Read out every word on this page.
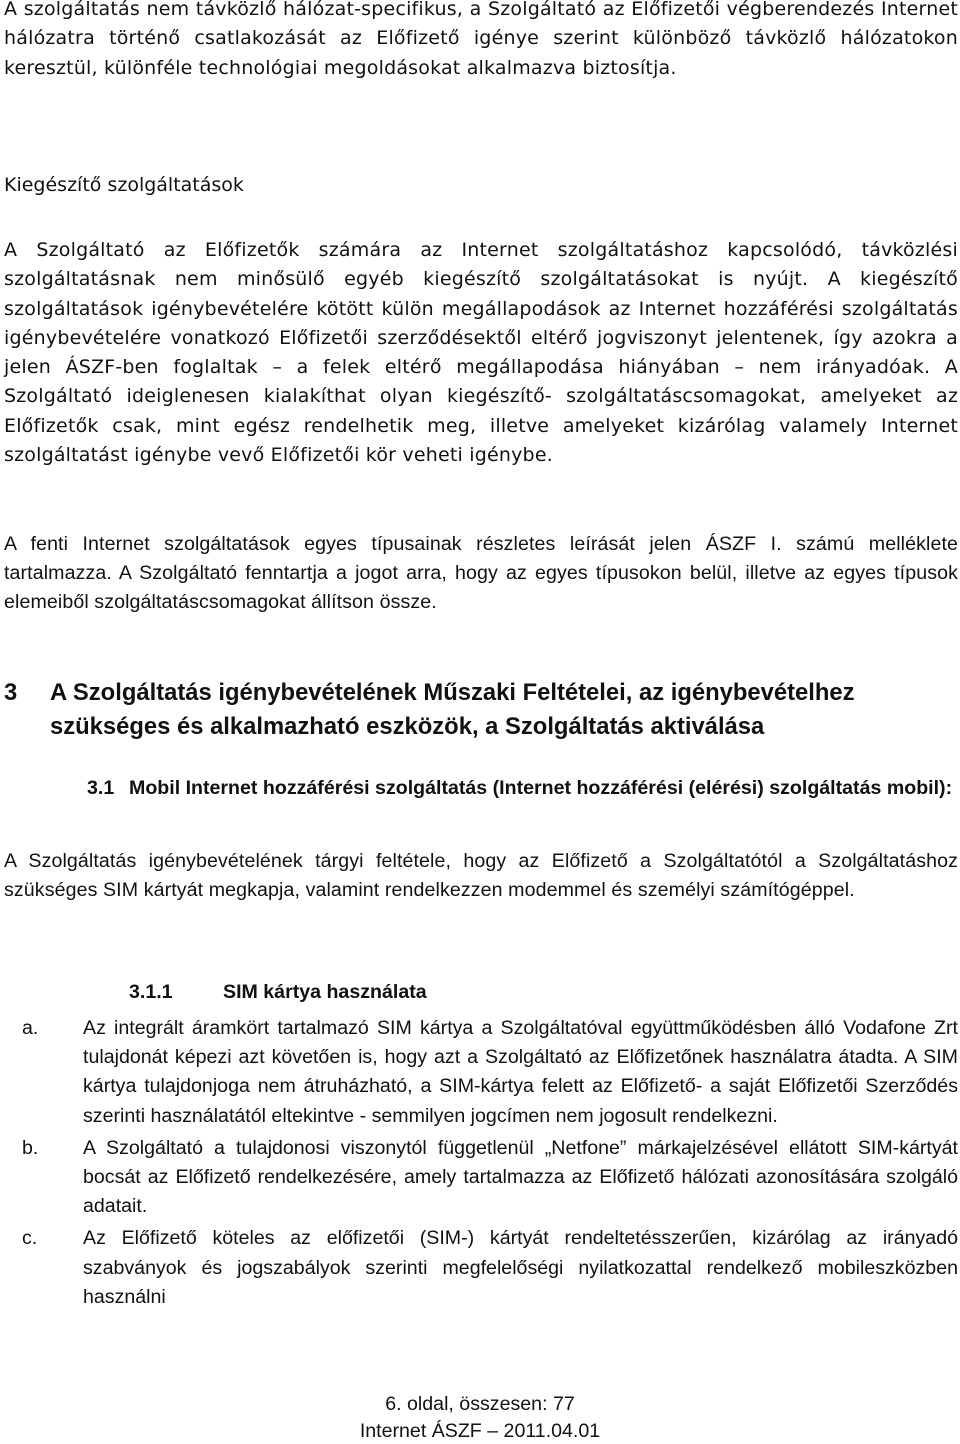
A szolgáltatás nem távközlő hálózat-specifikus, a Szolgáltató az Előfizetői végberendezés Internet hálózatra történő csatlakozását az Előfizető igénye szerint különböző távközlő hálózatokon keresztül, különféle technológiai megoldásokat alkalmazva biztosítja.

Kiegészítő szolgáltatások

A Szolgáltató az Előfizetők számára az Internet szolgáltatáshoz kapcsolódó, távközlési szolgáltatásnak nem minősülő egyéb kiegészítő szolgáltatásokat is nyújt. A kiegészítő szolgáltatások igénybevételére kötött külön megállapodások az Internet hozzáférési szolgáltatás igénybevételére vonatkozó Előfizetői szerződésektől eltérő jogviszonyt jelentenek, így azokra a jelen ÁSZF-ben foglaltak – a felek eltérő megállapodása hiányában – nem irányadóak. A Szolgáltató ideiglenesen kialakíthat olyan kiegészítő- szolgáltatáscsomagokat, amelyeket az Előfizetők csak, mint egész rendelhetik meg, illetve amelyeket kizárólag valamely Internet szolgáltatást igénybe vevő Előfizetői kör veheti igénybe.

A fenti Internet szolgáltatások egyes típusainak részletes leírását jelen ÁSZF I. számú melléklete tartalmazza. A Szolgáltató fenntartja a jogot arra, hogy az egyes típusokon belül, illetve az egyes típusok elemeiből szolgáltatáscsomagokat állítson össze.

3 A Szolgáltatás igénybevételének Műszaki Feltételei, az igénybevételhez szükséges és alkalmazható eszközök, a Szolgáltatás aktiválása
3.1 Mobil Internet hozzáférési szolgáltatás (Internet hozzáférési (elérési) szolgáltatás mobil):

A Szolgáltatás igénybevételének tárgyi feltétele, hogy az Előfizető a Szolgáltatótól a Szolgáltatáshoz szükséges SIM kártyát megkapja, valamint rendelkezzen modemmel és személyi számítógéppel.

3.1.1	SIM kártya használata
a. Az integrált áramkört tartalmazó SIM kártya a Szolgáltatóval együttműködésben álló Vodafone Zrt tulajdonát képezi azt követően is, hogy azt a Szolgáltató az Előfizetőnek használatra átadta. A SIM kártya tulajdonjoga nem átruházható, a SIM-kártya felett az Előfizető- a saját Előfizetői Szerződés szerinti használatától eltekintve - semmilyen jogcímen nem jogosult rendelkezni.
b. A Szolgáltató a tulajdonosi viszonytól függetlenül „Netfone” márkajelzésével ellátott SIM-kártyát bocsát az Előfizető rendelkezésére, amely tartalmazza az Előfizető hálózati azonosítására szolgáló adatait.
c. Az Előfizető köteles az előfizetői (SIM-) kártyát rendeltetésszerűen, kizárólag az irányadó szabványok és jogszabályok szerinti megfelelőségi nyilatkozattal rendelkező mobileszközben használni

6. oldal, összesen: 77

Internet ÁSZF – 2011.04.01
